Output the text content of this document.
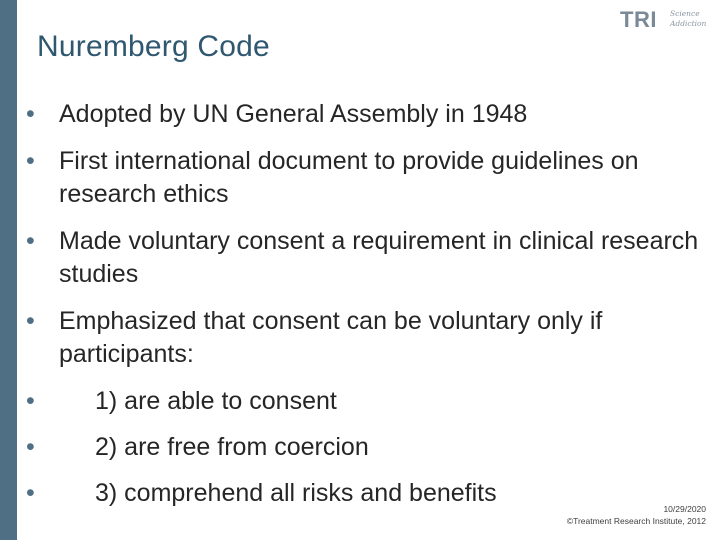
Nuremberg Code
TRI Science
Addiction
• Adopted by UN General Assembly in 1948
• First international document to provide guidelines on research ethics
• Made voluntary consent a requirement in clinical research studies
• Emphasized that consent can be voluntary only if participants:
• 1) are able to consent
• 2) are free from coercion
• 3) comprehend all risks and benefits
10/29/2020
©Treatment Research Institute, 2012
